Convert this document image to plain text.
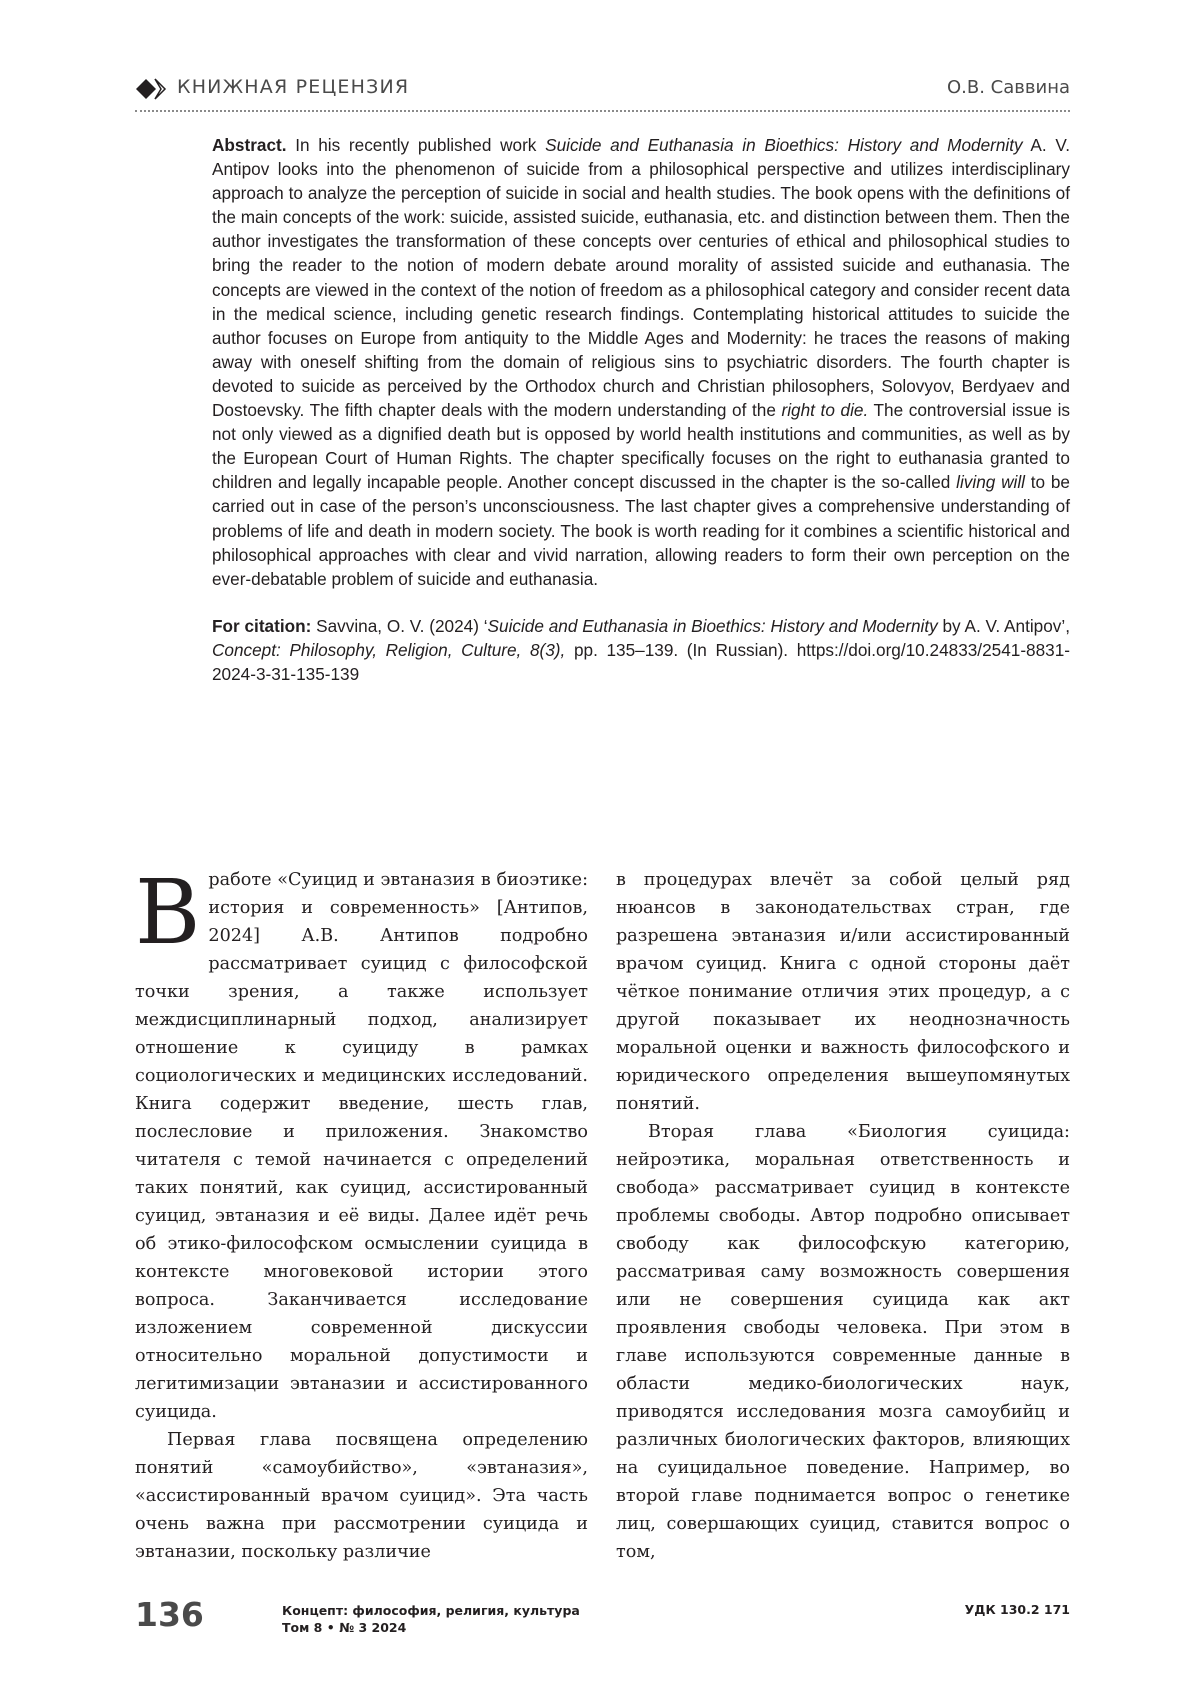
КНИЖНАЯ РЕЦЕНЗИЯ	О.В. Саввина

Abstract. In his recently published work Suicide and Euthanasia in Bioethics: History and Modernity A. V. Antipov looks into the phenomenon of suicide from a philosophical perspective and utilizes interdisciplinary approach to analyze the perception of suicide in social and health studies. The book opens with the definitions of the main concepts of the work: suicide, assisted suicide, euthanasia, etc. and distinction between them. Then the author investigates the transformation of these concepts over centuries of ethical and philosophical studies to bring the reader to the notion of modern debate around morality of assisted suicide and euthanasia. The concepts are viewed in the context of the notion of freedom as a philosophical category and consider recent data in the medical science, including genetic research findings. Contemplating historical attitudes to suicide the author focuses on Europe from antiquity to the Middle Ages and Modernity: he traces the reasons of making away with oneself shifting from the domain of religious sins to psychiatric disorders. The fourth chapter is devoted to suicide as perceived by the Orthodox church and Christian philosophers, Solovyov, Berdyaev and Dostoevsky. The fifth chapter deals with the modern understanding of the right to die. The controversial issue is not only viewed as a dignified death but is opposed by world health institutions and communities, as well as by the European Court of Human Rights. The chapter specifically focuses on the right to euthanasia granted to children and legally incapable people. Another concept discussed in the chapter is the so-called living will to be carried out in case of the person’s unconsciousness. The last chapter gives a comprehensive understanding of problems of life and death in modern society. The book is worth reading for it combines a scientific historical and philosophical approaches with clear and vivid narration, allowing readers to form their own perception on the ever-debatable problem of suicide and euthanasia.

For citation: Savvina, O. V. (2024) ‘Suicide and Euthanasia in Bioethics: History and Modernity by A. V. Antipov’, Concept: Philosophy, Religion, Culture, 8(3), pp. 135–139. (In Russian). https://doi.org/10.24833/2541-8831-2024-3-31-135-139

В работе «Суицид и эвтаназия в биоэтике: история и современность» [Антипов, 2024] А.В. Антипов подробно рассматривает суицид с философской точки зрения, а также использует междисциплинарный подход, анализирует отношение к суициду в рамках социологических и медицинских исследований. Книга содержит введение, шесть глав, послесловие и приложения. Знакомство читателя с темой начинается с определений таких понятий, как суицид, ассистированный суицид, эвтаназия и её виды. Далее идёт речь об этико-философском осмыслении суицида в контексте многовековой истории этого вопроса. Заканчивается исследование изложением современной дискуссии относительно моральной допустимости и легитимизации эвтаназии и ассистированного суицида.

Первая глава посвящена определению понятий «самоубийство», «эвтаназия», «ассистированный врачом суицид». Эта часть очень важна при рассмотрении суицида и эвтаназии, поскольку различие

в процедурах влечёт за собой целый ряд нюансов в законодательствах стран, где разрешена эвтаназия и/или ассистированный врачом суицид. Книга с одной стороны даёт чёткое понимание отличия этих процедур, а с другой показывает их неоднозначность моральной оценки и важность философского и юридического определения вышеупомянутых понятий.

Вторая глава «Биология суицида: нейроэтика, моральная ответственность и свобода» рассматривает суицид в контексте проблемы свободы. Автор подробно описывает свободу как философскую категорию, рассматривая саму возможность совершения или не совершения суицида как акт проявления свободы человека. При этом в главе используются современные данные в области медико-биологических наук, приводятся исследования мозга самоубийц и различных биологических факторов, влияющих на суицидальное поведение. Например, во второй главе поднимается вопрос о генетике лиц, совершающих суицид, ставится вопрос о том,

136	Концепт: философия, религия, культура
Том 8 • № 3 2024
УДК 130.2 171
